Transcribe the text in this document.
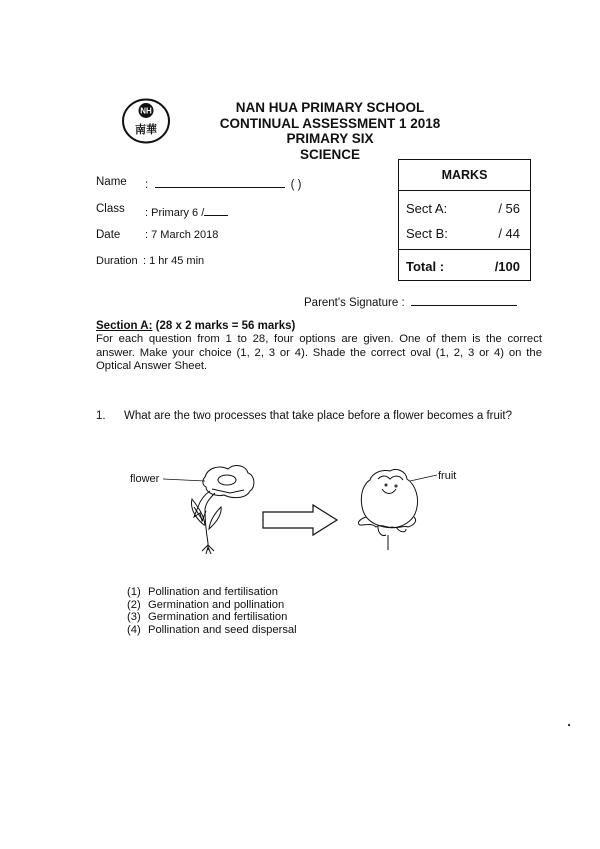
NH
南華
NAN HUA PRIMARY SCHOOL
CONTINUAL ASSESSMENT 1 2018
PRIMARY SIX
SCIENCE
Name :	( )
Class : Primary 6 /
Date : 7 March 2018
Duration : 1 hr 45 min
MARKS
Sect A:	/ 56
Sect B:	/ 44
Total :	/100
Parent's Signature :
Section A: (28 x 2 marks = 56 marks)
For each question from 1 to 28, four options are given. One of them is the correct answer. Make your choice (1, 2, 3 or 4). Shade the correct oval (1, 2, 3 or 4) on the Optical Answer Sheet.
1. What are the two processes that take place before a flower becomes a fruit?
flower	fruit
(1) Pollination and fertilisation
(2) Germination and pollination
(3) Germination and fertilisation
(4) Pollination and seed dispersal
